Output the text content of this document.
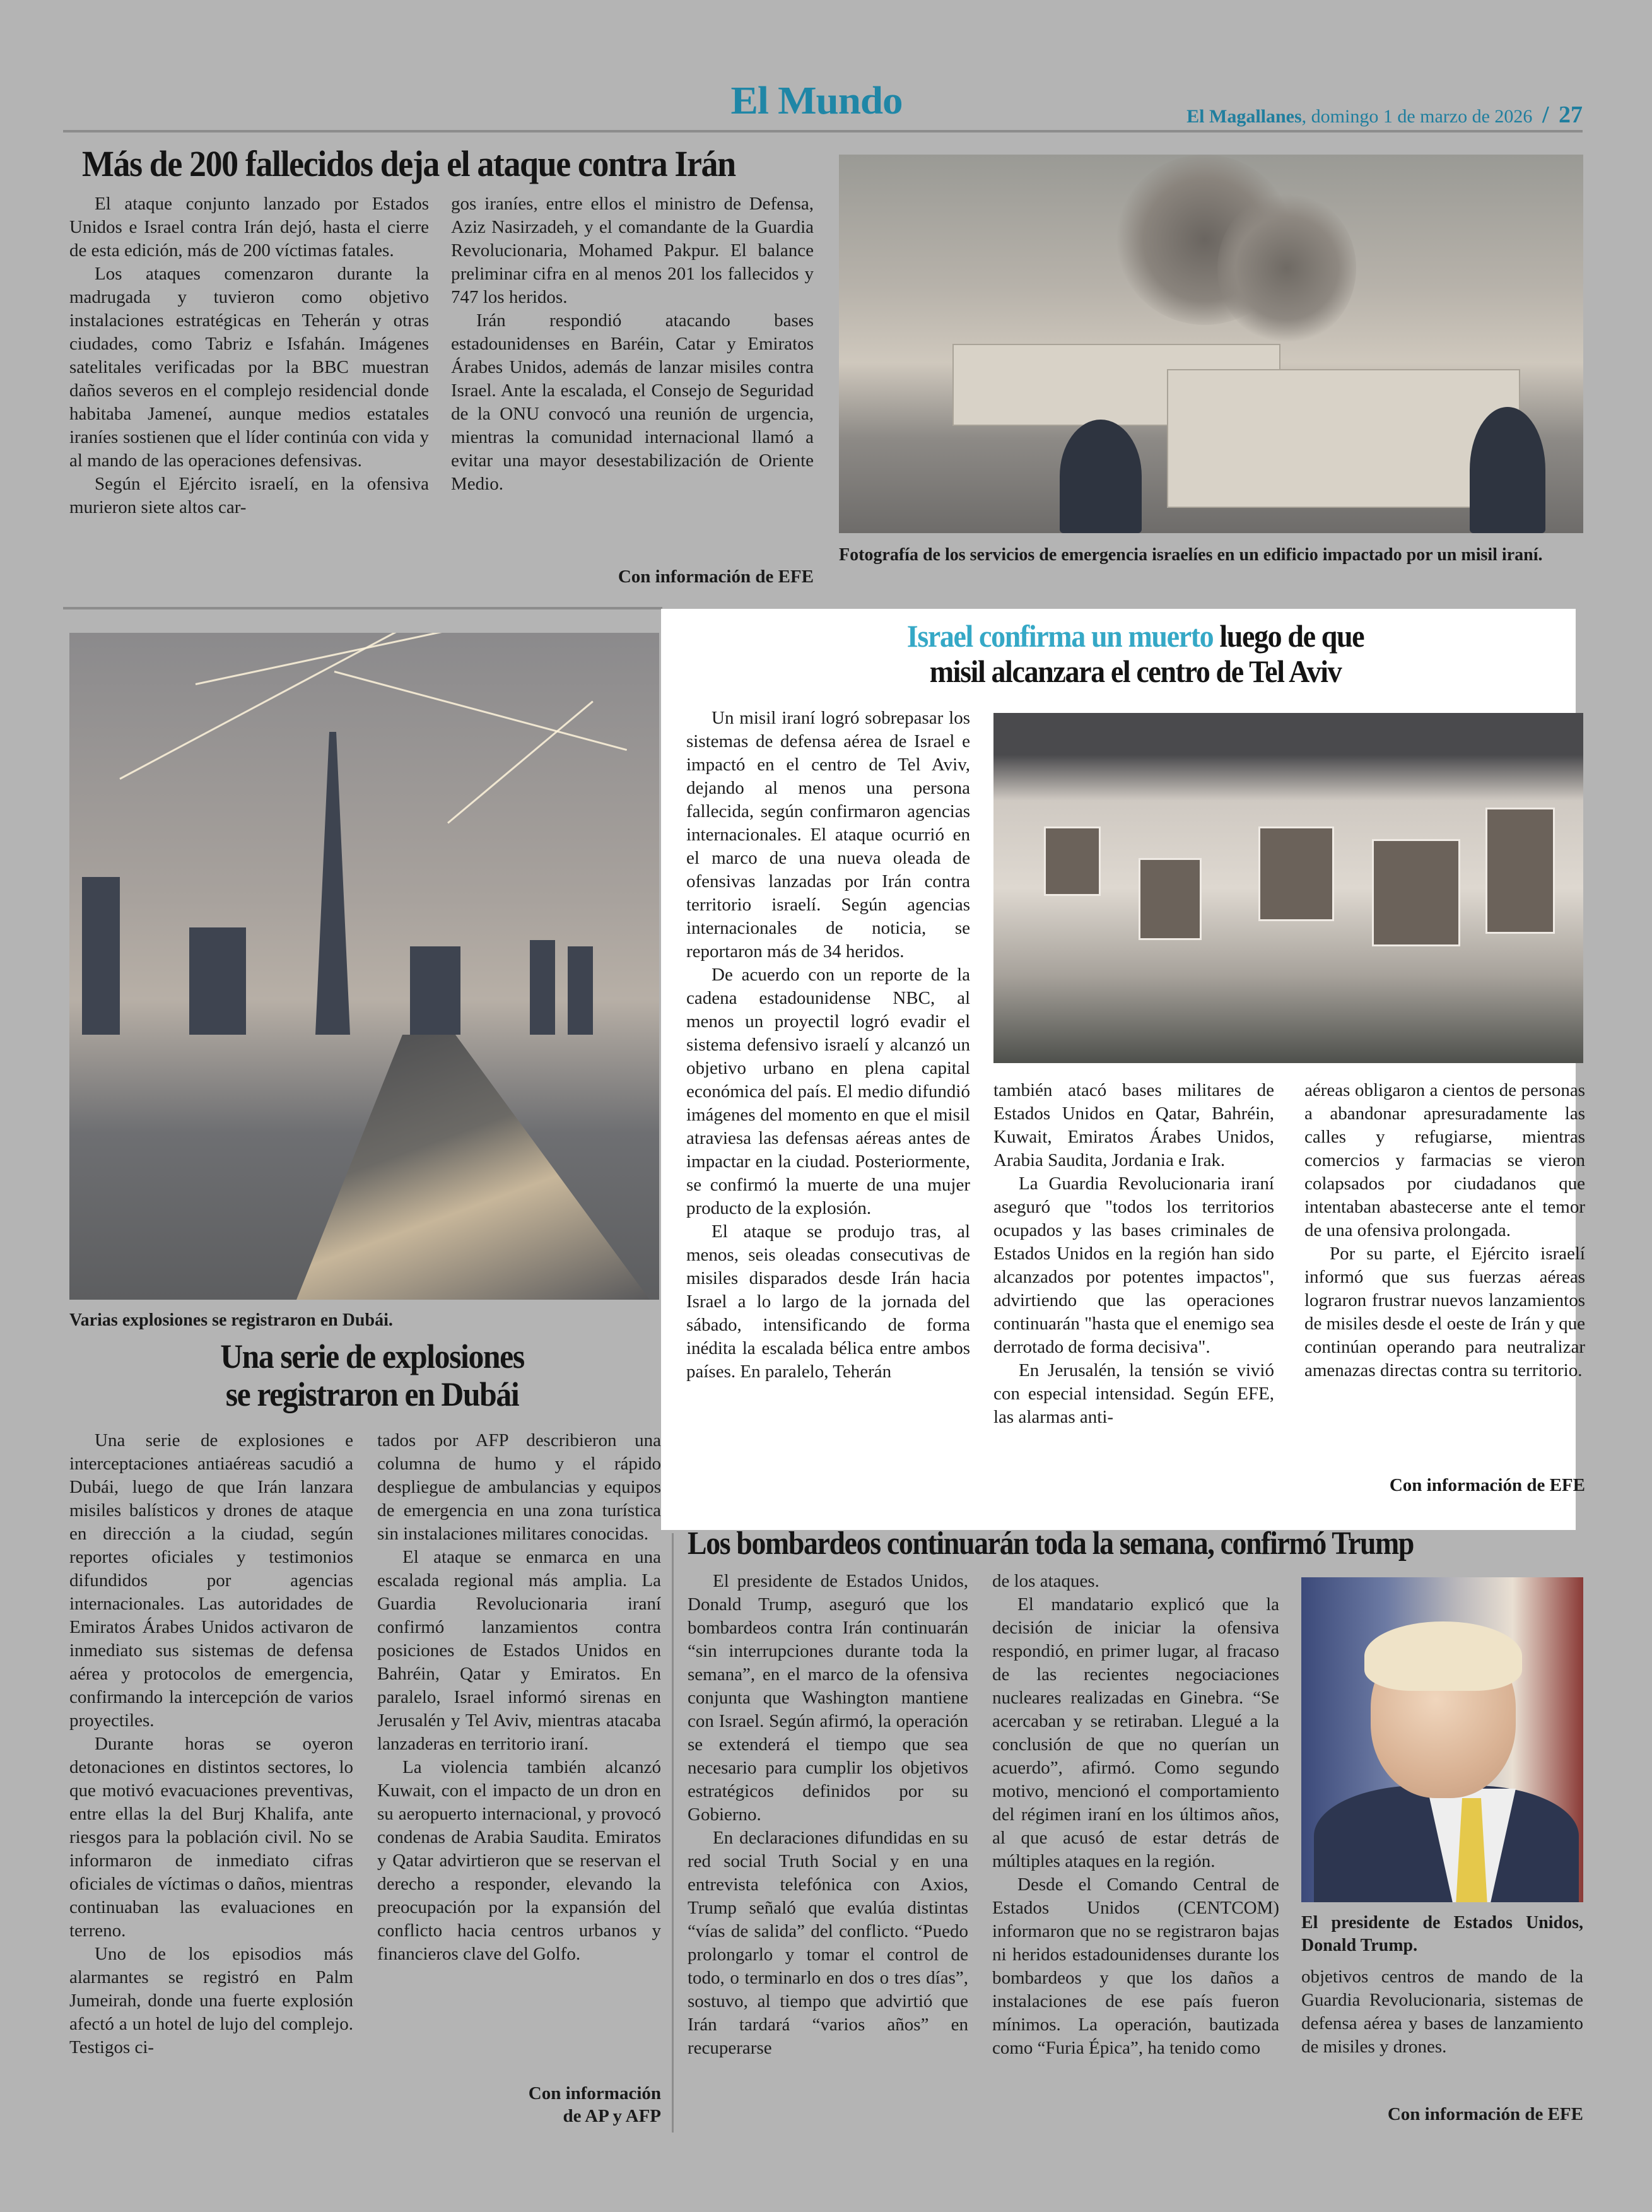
El Mundo	El Magallanes, domingo 1 de marzo de 2026 / 27
Más de 200 fallecidos deja el ataque contra Irán

El ataque conjunto lanzado por Estados Unidos e Israel contra Irán dejó, hasta el cierre de esta edición, más de 200 víctimas fatales.

Los ataques comenzaron durante la madrugada y tuvieron como objetivo instalaciones estratégicas en Teherán y otras ciudades, como Tabriz e Isfahán. Imágenes satelitales verificadas por la BBC muestran daños severos en el complejo residencial donde habitaba Jameneí, aunque medios estatales iraníes sostienen que el líder continúa con vida y al mando de las operaciones defensivas.

Según el Ejército israelí, en la ofensiva murieron siete altos car-

gos iraníes, entre ellos el ministro de Defensa, Aziz Nasirzadeh, y el comandante de la Guardia Revolucionaria, Mohamed Pakpur. El balance preliminar cifra en al menos 201 los fallecidos y 747 los heridos.

Irán respondió atacando bases estadounidenses en Baréin, Catar y Emiratos Árabes Unidos, además de lanzar misiles contra Israel. Ante la escalada, el Consejo de Seguridad de la ONU convocó una reunión de urgencia, mientras la comunidad internacional llamó a evitar una mayor desestabilización de Oriente Medio.

Con información de EFE
Fotografía de los servicios de emergencia israelíes en un edificio impactado por un misil iraní.
Israel confirma un muerto luego de que
misil alcanzara el centro de Tel Aviv

Un misil iraní logró sobrepasar los sistemas de defensa aérea de Israel e impactó en el centro de Tel Aviv, dejando al menos una persona fallecida, según confirmaron agencias internacionales. El ataque ocurrió en el marco de una nueva oleada de ofensivas lanzadas por Irán contra territorio israelí. Según agencias internacionales de noticia, se reportaron más de 34 heridos.

De acuerdo con un reporte de la cadena estadounidense NBC, al menos un proyectil logró evadir el sistema defensivo israelí y alcanzó un objetivo urbano en plena capital económica del país. El medio difundió imágenes del momento en que el misil atraviesa las defensas aéreas antes de impactar en la ciudad. Posteriormente, se confirmó la muerte de una mujer producto de la explosión.

El ataque se produjo tras, al menos, seis oleadas consecutivas de misiles disparados desde Irán hacia Israel a lo largo de la jornada del sábado, intensificando de forma inédita la escalada bélica entre ambos países. En paralelo, Teherán

también atacó bases militares de Estados Unidos en Qatar, Bahréin, Kuwait, Emiratos Árabes Unidos, Arabia Saudita, Jordania e Irak.

La Guardia Revolucionaria iraní aseguró que "todos los territorios ocupados y las bases criminales de Estados Unidos en la región han sido alcanzados por potentes impactos", advirtiendo que las operaciones continuarán "hasta que el enemigo sea derrotado de forma decisiva".

En Jerusalén, la tensión se vivió con especial intensidad. Según EFE, las alarmas anti-

aéreas obligaron a cientos de personas a abandonar apresuradamente las calles y refugiarse, mientras comercios y farmacias se vieron colapsados por ciudadanos que intentaban abastecerse ante el temor de una ofensiva prolongada.

Por su parte, el Ejército israelí informó que sus fuerzas aéreas lograron frustrar nuevos lanzamientos de misiles desde el oeste de Irán y que continúan operando para neutralizar amenazas directas contra su territorio.

Con información de EFE
Varias explosiones se registraron en Dubái.
Una serie de explosiones
se registraron en Dubái

Una serie de explosiones e interceptaciones antiaéreas sacudió a Dubái, luego de que Irán lanzara misiles balísticos y drones de ataque en dirección a la ciudad, según reportes oficiales y testimonios difundidos por agencias internacionales. Las autoridades de Emiratos Árabes Unidos activaron de inmediato sus sistemas de defensa aérea y protocolos de emergencia, confirmando la intercepción de varios proyectiles.

Durante horas se oyeron detonaciones en distintos sectores, lo que motivó evacuaciones preventivas, entre ellas la del Burj Khalifa, ante riesgos para la población civil. No se informaron de inmediato cifras oficiales de víctimas o daños, mientras continuaban las evaluaciones en terreno.

Uno de los episodios más alarmantes se registró en Palm Jumeirah, donde una fuerte explosión afectó a un hotel de lujo del complejo. Testigos ci-

tados por AFP describieron una columna de humo y el rápido despliegue de ambulancias y equipos de emergencia en una zona turística sin instalaciones militares conocidas.

El ataque se enmarca en una escalada regional más amplia. La Guardia Revolucionaria iraní confirmó lanzamientos contra posiciones de Estados Unidos en Bahréin, Qatar y Emiratos. En paralelo, Israel informó sirenas en Jerusalén y Tel Aviv, mientras atacaba lanzaderas en territorio iraní.

La violencia también alcanzó Kuwait, con el impacto de un dron en su aeropuerto internacional, y provocó condenas de Arabia Saudita. Emiratos y Qatar advirtieron que se reservan el derecho a responder, elevando la preocupación por la expansión del conflicto hacia centros urbanos y financieros clave del Golfo.

Con información
de AP y AFP
Los bombardeos continuarán toda la semana, confirmó Trump

El presidente de Estados Unidos, Donald Trump, aseguró que los bombardeos contra Irán continuarán “sin interrupciones durante toda la semana”, en el marco de la ofensiva conjunta que Washington mantiene con Israel. Según afirmó, la operación se extenderá el tiempo que sea necesario para cumplir los objetivos estratégicos definidos por su Gobierno.

En declaraciones difundidas en su red social Truth Social y en una entrevista telefónica con Axios, Trump señaló que evalúa distintas “vías de salida” del conflicto. “Puedo prolongarlo y tomar el control de todo, o terminarlo en dos o tres días”, sostuvo, al tiempo que advirtió que Irán tardará “varios años” en recuperarse

de los ataques.

El mandatario explicó que la decisión de iniciar la ofensiva respondió, en primer lugar, al fracaso de las recientes negociaciones nucleares realizadas en Ginebra. “Se acercaban y se retiraban. Llegué a la conclusión de que no querían un acuerdo”, afirmó. Como segundo motivo, mencionó el comportamiento del régimen iraní en los últimos años, al que acusó de estar detrás de múltiples ataques en la región.

Desde el Comando Central de Estados Unidos (CENTCOM) informaron que no se registraron bajas ni heridos estadounidenses durante los bombardeos y que los daños a instalaciones de ese país fueron mínimos. La operación, bautizada como “Furia Épica”, ha tenido como

El presidente de Estados Unidos, Donald Trump.

objetivos centros de mando de la Guardia Revolucionaria, sistemas de defensa aérea y bases de lanzamiento de misiles y drones.

Con información de EFE
